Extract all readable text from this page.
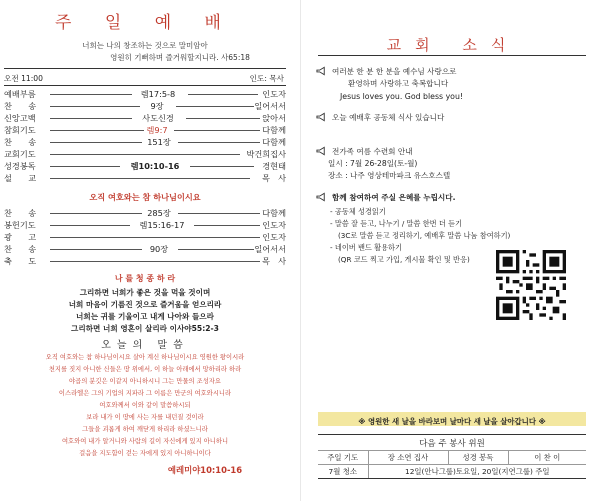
주 일 예 배
너희는 나의 창조하는 것으로 말미암아
영원히 기뻐하며 즐거워할지니라. 사65:18
오전 11:00	인도: 목사
예배부름	렘17:5-8	인도자
찬　　송	9장	일어서서
신앙고백	사도신경	앉아서
참회기도	렘9:7	다함께
찬　　송	151장	다함께
교회기도	박건희집사
성경봉독	렘10:10-16	경현태
설　　교	목　사
오직 여호와는 참 하나님이시요
찬　　송	285장	다함께
봉헌기도	렘15:16-17	인도자
광　　고	인도자
찬　　송	90장	일어서서
축　　도	목　사
나 를 청 종 하 라
그리하면 너희가 좋은 것을 먹을 것이며
너희 마음이 기름진 것으로 즐거움을 얻으리라
너희는 귀를 기울이고 내게 나아와 들으라
그리하면 너희 영혼이 살리라 이사야55:2-3
오늘의 말씀
오직 여호와는 참 하나님이시요 살아 계신 하나님이시요 영원한 왕이시라
천지를 짓지 아니한 신들은 땅 위에서, 이 하늘 아래에서 망하리라 하라
야곱의 분깃은 이같지 아니하시니 그는 만물의 조성자요
이스라엘은 그의 기업의 지파라 그 이름은 만군의 여호와시니라
여호와께서 이와 같이 말씀하시되
보라 내가 이 땅에 사는 자를 내던질 것이라
그들을 괴롭게 하여 깨닫게 하리라 하셨느니라
여호와여 내가 알거니와 사람의 길이 자신에게 있지 아니하니
걸음을 지도함이 걷는 자에게 있지 아니하니이다
예레미야10:10-16
교회 소식
여러분 한 분 한 분을 예수님 사랑으로
환영하며 사랑하고 축복합니다
Jesus loves you. God bless you!
오늘 예배후 공동체 식사 있습니다
전가족 여름 수련회 안내
일시 : 7월 26-28일(토-월)
장소 : 나주 영상테마파크 유스호스텔
함께 참여하여 주실 은혜를 누립시다.
- 공동체 성경읽기
- 말씀 잘 듣고, 나누기 / 말씀 한번 더 듣기
(3C로 말씀 듣고 정리하기, 예배후 말씀 나눔 참여하기)
- 네이버 밴드 활용하기
(QR 코드 찍고 가입, 게시물 확인 및 반응)
※ 영원한 새 날을 바라보며 날마다 새 날을 살아갑니다 ※
다음 주 봉사 위원			
주일 기도	장 소연 집사	성경 봉독	이 찬 이
7월 청소	12일(안나그룹)토요일, 20일(지연그룹) 주일		
